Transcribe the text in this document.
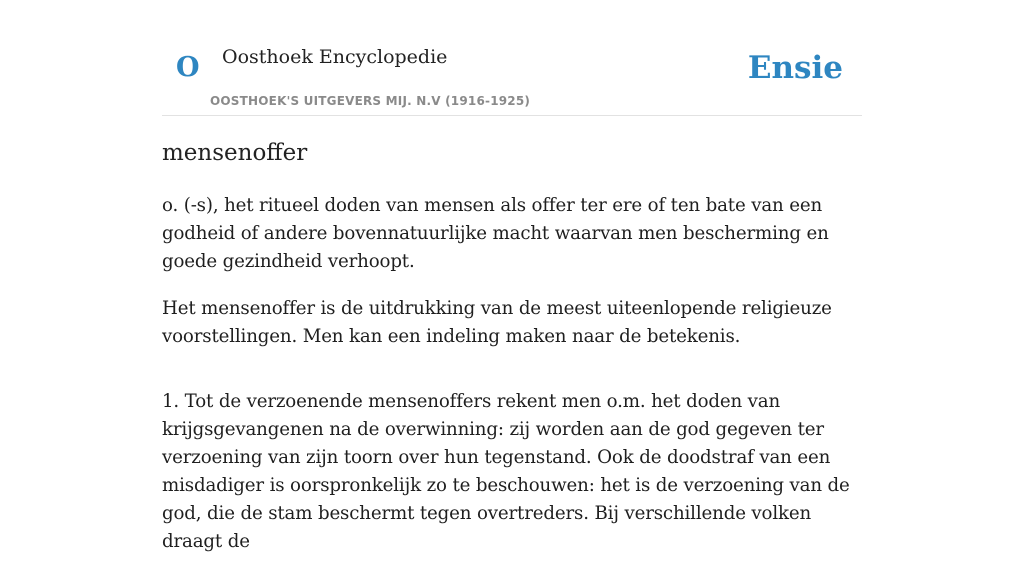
O Oosthoek Encyclopedie
OOSTHOEK'S UITGEVERS MIJ. N.V (1916-1925)
Ensie
mensenoffer

o. (-s), het ritueel doden van mensen als offer ter ere of ten bate van een godheid of andere bovennatuurlijke macht waarvan men bescherming en goede gezindheid verhoopt.

Het mensenoffer is de uitdrukking van de meest uiteenlopende religieuze voorstellingen. Men kan een indeling maken naar de betekenis.

1. Tot de verzoenende mensenoffers rekent men o.m. het doden van krijgsgevangenen na de overwinning: zij worden aan de god gegeven ter verzoening van zijn toorn over hun tegenstand. Ook de doodstraf van een misdadiger is oorspronkelijk zo te beschouwen: het is de verzoening van de god, die de stam beschermt tegen overtreders. Bij verschillende volken draagt de
